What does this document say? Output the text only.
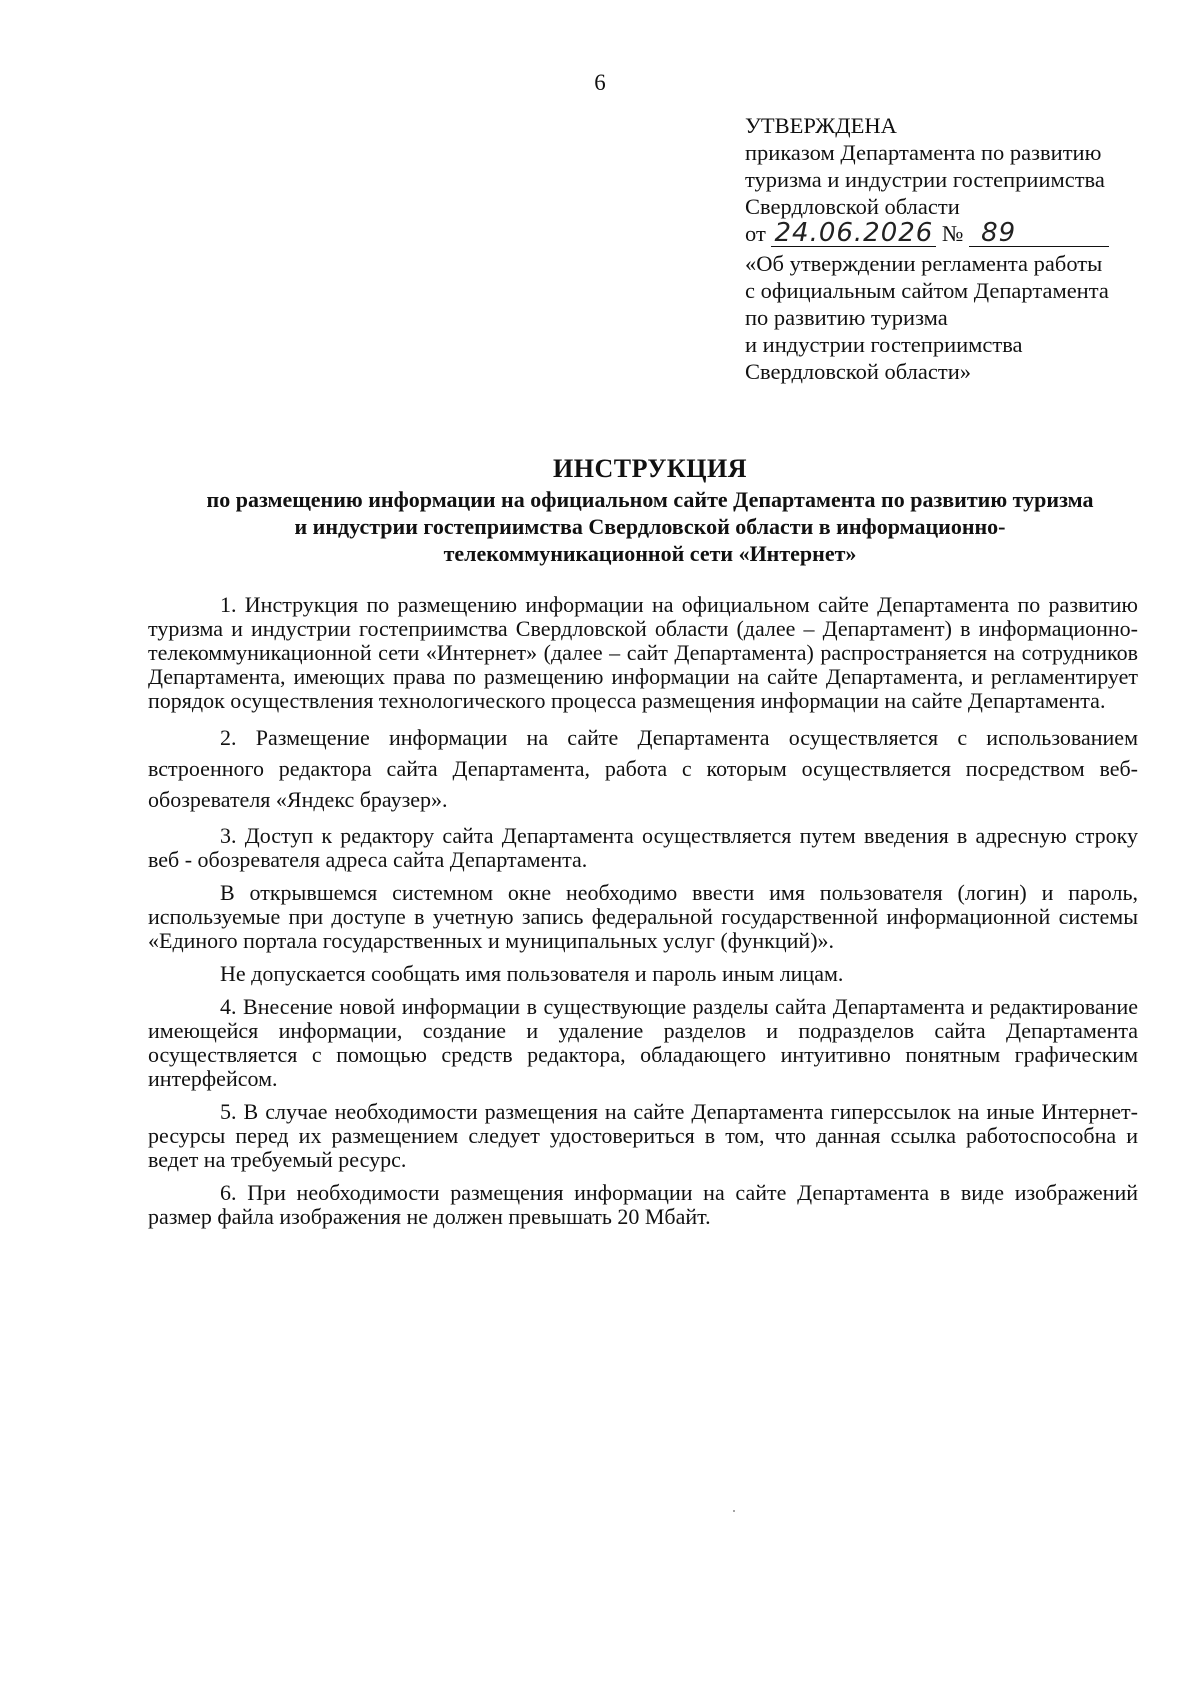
6
УТВЕРЖДЕНА
приказом Департамента по развитию
туризма и индустрии гостеприимства
Свердловской области
от 24.06.2026 № 89
«Об утверждении регламента работы
с официальным сайтом Департамента
по развитию туризма
и индустрии гостеприимства
Свердловской области»
ИНСТРУКЦИЯ
по размещению информации на официальном сайте Департамента по развитию туризма
и индустрии гостеприимства Свердловской области в информационно-
телекоммуникационной сети «Интернет»

1. Инструкция по размещению информации на официальном сайте Департамента по развитию туризма и индустрии гостеприимства Свердловской области (далее – Департамент) в информационно-телекоммуникационной сети «Интернет» (далее – сайт Департамента) распространяется на сотрудников Департамента, имеющих права по размещению информации на сайте Департамента, и регламентирует порядок осуществления технологического процесса размещения информации на сайте Департамента.

2. Размещение информации на сайте Департамента осуществляется с использованием встроенного редактора сайта Департамента, работа с которым осуществляется посредством веб-обозревателя «Яндекс браузер».

3. Доступ к редактору сайта Департамента осуществляется путем введения в адресную строку веб - обозревателя адреса сайта Департамента.

В открывшемся системном окне необходимо ввести имя пользователя (логин) и пароль, используемые при доступе в учетную запись федеральной государственной информационной системы «Единого портала государственных и муниципальных услуг (функций)».

Не допускается сообщать имя пользователя и пароль иным лицам.

4. Внесение новой информации в существующие разделы сайта Департамента и редактирование имеющейся информации, создание и удаление разделов и подразделов сайта Департамента осуществляется с помощью средств редактора, обладающего интуитивно понятным графическим интерфейсом.

5. В случае необходимости размещения на сайте Департамента гиперссылок на иные Интернет-ресурсы перед их размещением следует удостовериться в том, что данная ссылка работоспособна и ведет на требуемый ресурс.

6. При необходимости размещения информации на сайте Департамента в виде изображений размер файла изображения не должен превышать 20 Мбайт.
